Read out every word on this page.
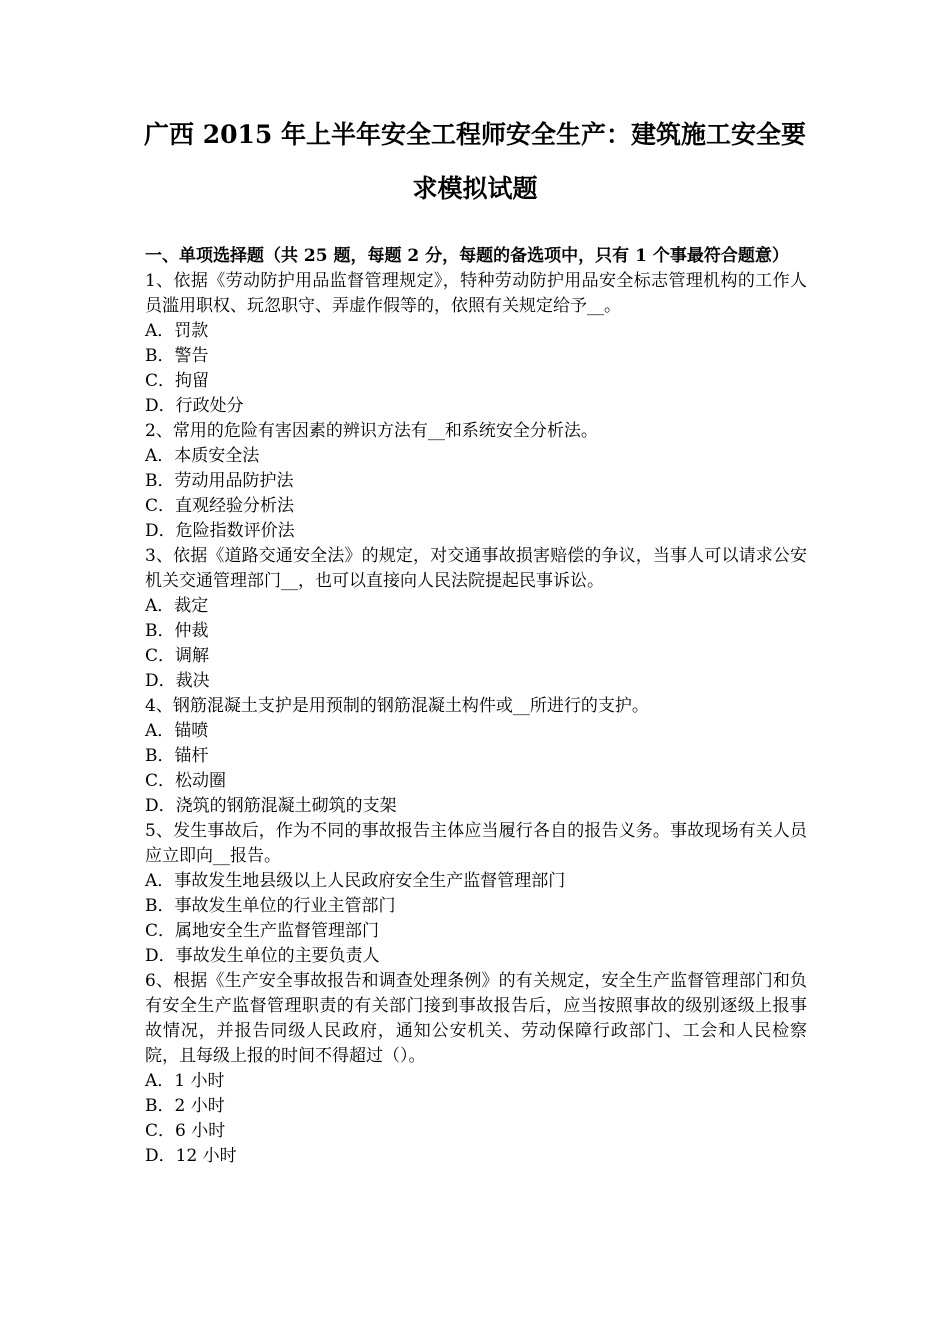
广西 2015 年上半年安全工程师安全生产：建筑施工安全要
求模拟试题

一、单项选择题（共 25 题，每题 2 分，每题的备选项中，只有 1 个事最符合题意）

1、依据《劳动防护用品监督管理规定》，特种劳动防护用品安全标志管理机构的工作人员滥用职权、玩忽职守、弄虚作假等的，依照有关规定给予__。

A．罚款

B．警告

C．拘留

D．行政处分

2、常用的危险有害因素的辨识方法有__和系统安全分析法。

A．本质安全法

B．劳动用品防护法

C．直观经验分析法

D．危险指数评价法

3、依据《道路交通安全法》的规定，对交通事故损害赔偿的争议，当事人可以请求公安机关交通管理部门__，也可以直接向人民法院提起民事诉讼。

A．裁定

B．仲裁

C．调解

D．裁决

4、钢筋混凝土支护是用预制的钢筋混凝土构件或__所进行的支护。

A．锚喷

B．锚杆

C．松动圈

D．浇筑的钢筋混凝土砌筑的支架

5、发生事故后，作为不同的事故报告主体应当履行各自的报告义务。事故现场有关人员应立即向__报告。

A．事故发生地县级以上人民政府安全生产监督管理部门

B．事故发生单位的行业主管部门

C．属地安全生产监督管理部门

D．事故发生单位的主要负责人

6、根据《生产安全事故报告和调查处理条例》的有关规定，安全生产监督管理部门和负有安全生产监督管理职责的有关部门接到事故报告后，应当按照事故的级别逐级上报事故情况，并报告同级人民政府，通知公安机关、劳动保障行政部门、工会和人民检察院，且每级上报的时间不得超过（）。

A．1 小时

B．2 小时

C．6 小时

D．12 小时
